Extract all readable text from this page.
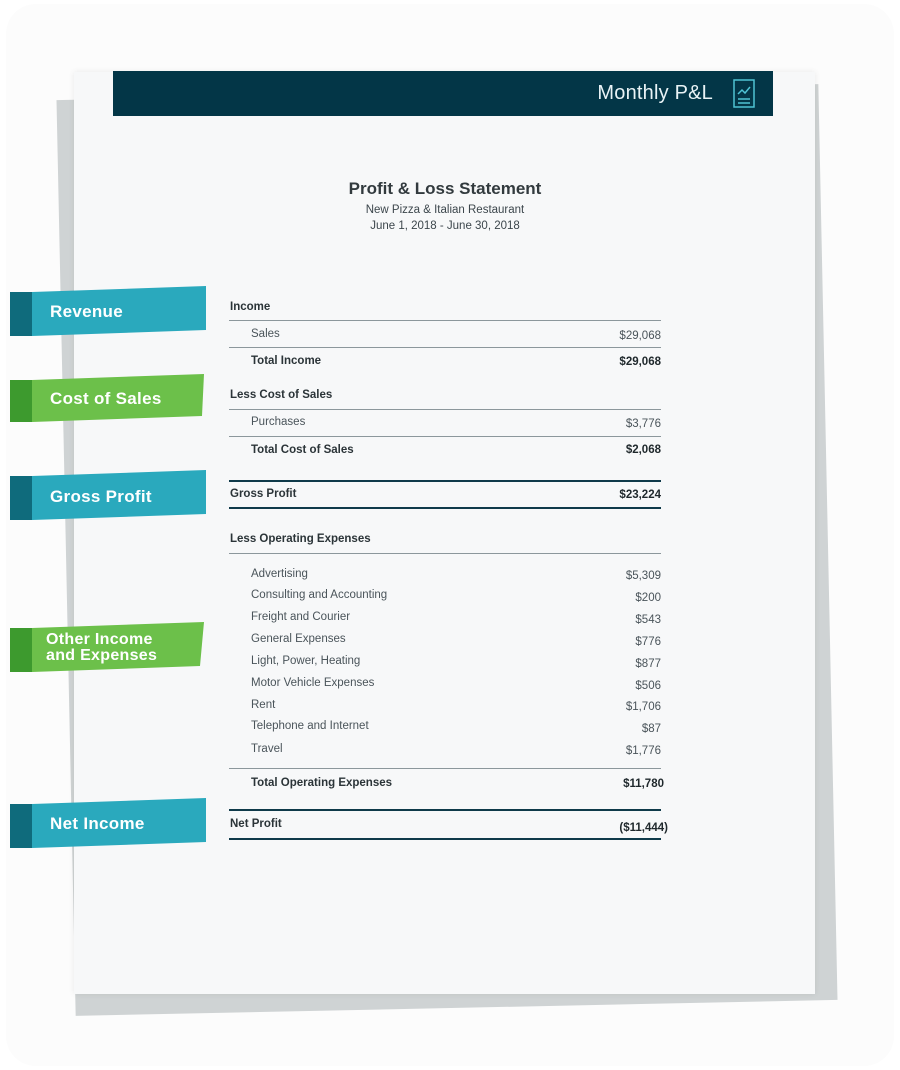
Monthly P&L
Profit & Loss Statement
New Pizza & Italian Restaurant
June 1, 2018 - June 30, 2018
Income
Sales	$29,068
Total Income	$29,068
Less Cost of Sales
Purchases	$3,776
Total Cost of Sales	$2,068
Gross Profit	$23,224
Less Operating Expenses
Advertising	$5,309
Consulting and Accounting	$200
Freight and Courier	$543
General Expenses	$776
Light, Power, Heating	$877
Motor Vehicle Expenses	$506
Rent	$1,706
Telephone and Internet	$87
Travel	$1,776
Total Operating Expenses	$11,780
Net Profit	($11,444)
Revenue
Cost of Sales
Gross Profit
Other Income
and Expenses
Net Income
